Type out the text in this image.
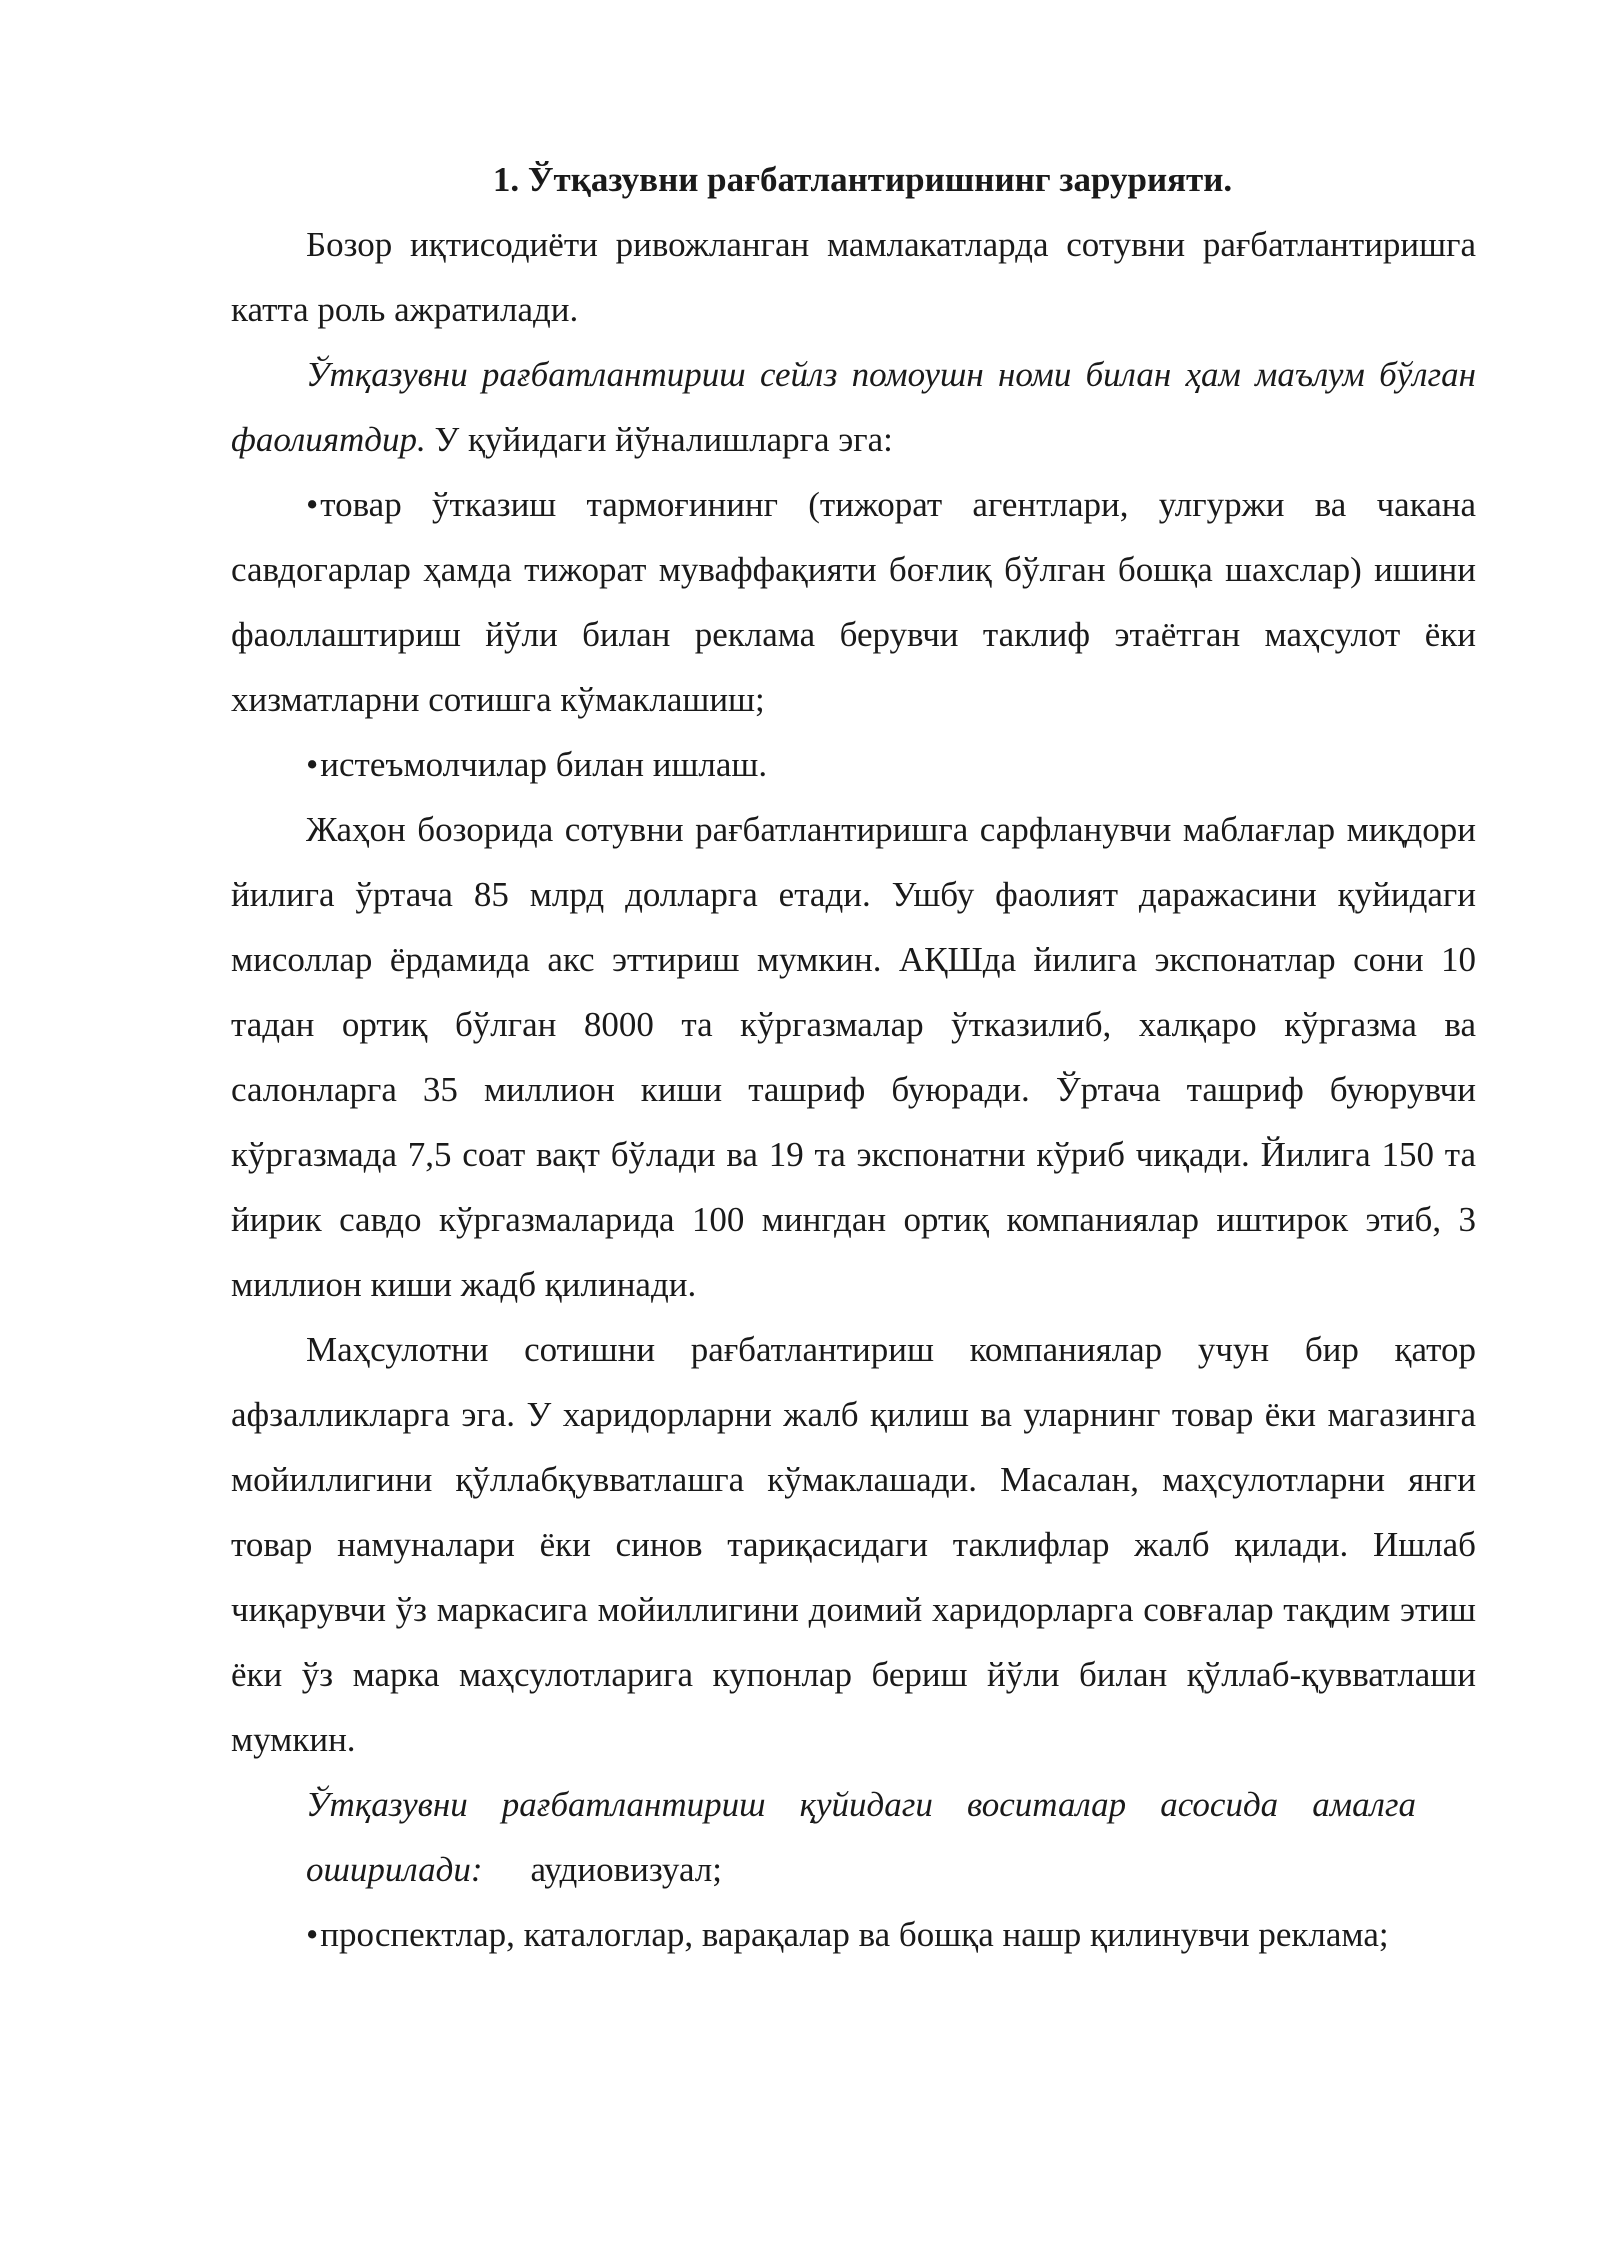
1. Ўтқазувни рағбатлантиришнинг зарурияти.

Бозор иқтисодиёти ривожланган мамлакатларда сотувни рағбатлантиришга катта роль ажратилади.

Ўтқазувни рағбатлантириш сейлз помоушн номи билан ҳам маълум бўлган фаолиятдир. У қуйидаги йўналишларга эга:

• товар ўтказиш тармоғининг (тижорат агентлари, улгуржи ва чакана савдогарлар ҳамда тижорат муваффақияти боғлиқ бўлган бошқа шахслар) ишини фаоллаштириш йўли билан реклама берувчи таклиф этаётган маҳсулот ёки хизматларни сотишга кўмаклашиш;

• истеъмолчилар билан ишлаш.

Жаҳон бозорида сотувни рағбатлантиришга сарфланувчи маблағлар миқдори йилига ўртача 85 млрд долларга етади. Ушбу фаолият даражасини қуйидаги мисоллар ёрдамида акс эттириш мумкин. АҚШда йилига экспонатлар сони 10 тадан ортиқ бўлган 8000 та кўргазмалар ўтказилиб, халқаро кўргазма ва салонларга 35 миллион киши ташриф буюради. Ўртача ташриф буюрувчи кўргазмада 7,5 соат вақт бўлади ва 19 та экспонатни кўриб чиқади. Йилига 150 та йирик савдо кўргазмаларида 100 мингдан ортиқ компаниялар иштирок этиб, 3 миллион киши жадб қилинади.

Маҳсулотни сотишни рағбатлантириш компаниялар учун бир қатор афзалликларга эга. У харидорларни жалб қилиш ва уларнинг товар ёки магазинга мойиллигини қўллабқувватлашга кўмаклашади. Масалан, маҳсулотларни янги товар намуналари ёки синов тариқасидаги таклифлар жалб қилади. Ишлаб чиқарувчи ўз маркасига мойиллигини доимий харидорларга совғалар тақдим этиш ёки ўз марка маҳсулотларига купонлар бериш йўли билан қўллаб-қувватлаши мумкин.

Ўтқазувни рағбатлантириш қуйидаги воситалар асосида амалга
оширилади: аудиовизуал;

• проспектлар, каталоглар, варақалар ва бошқа нашр қилинувчи реклама;
